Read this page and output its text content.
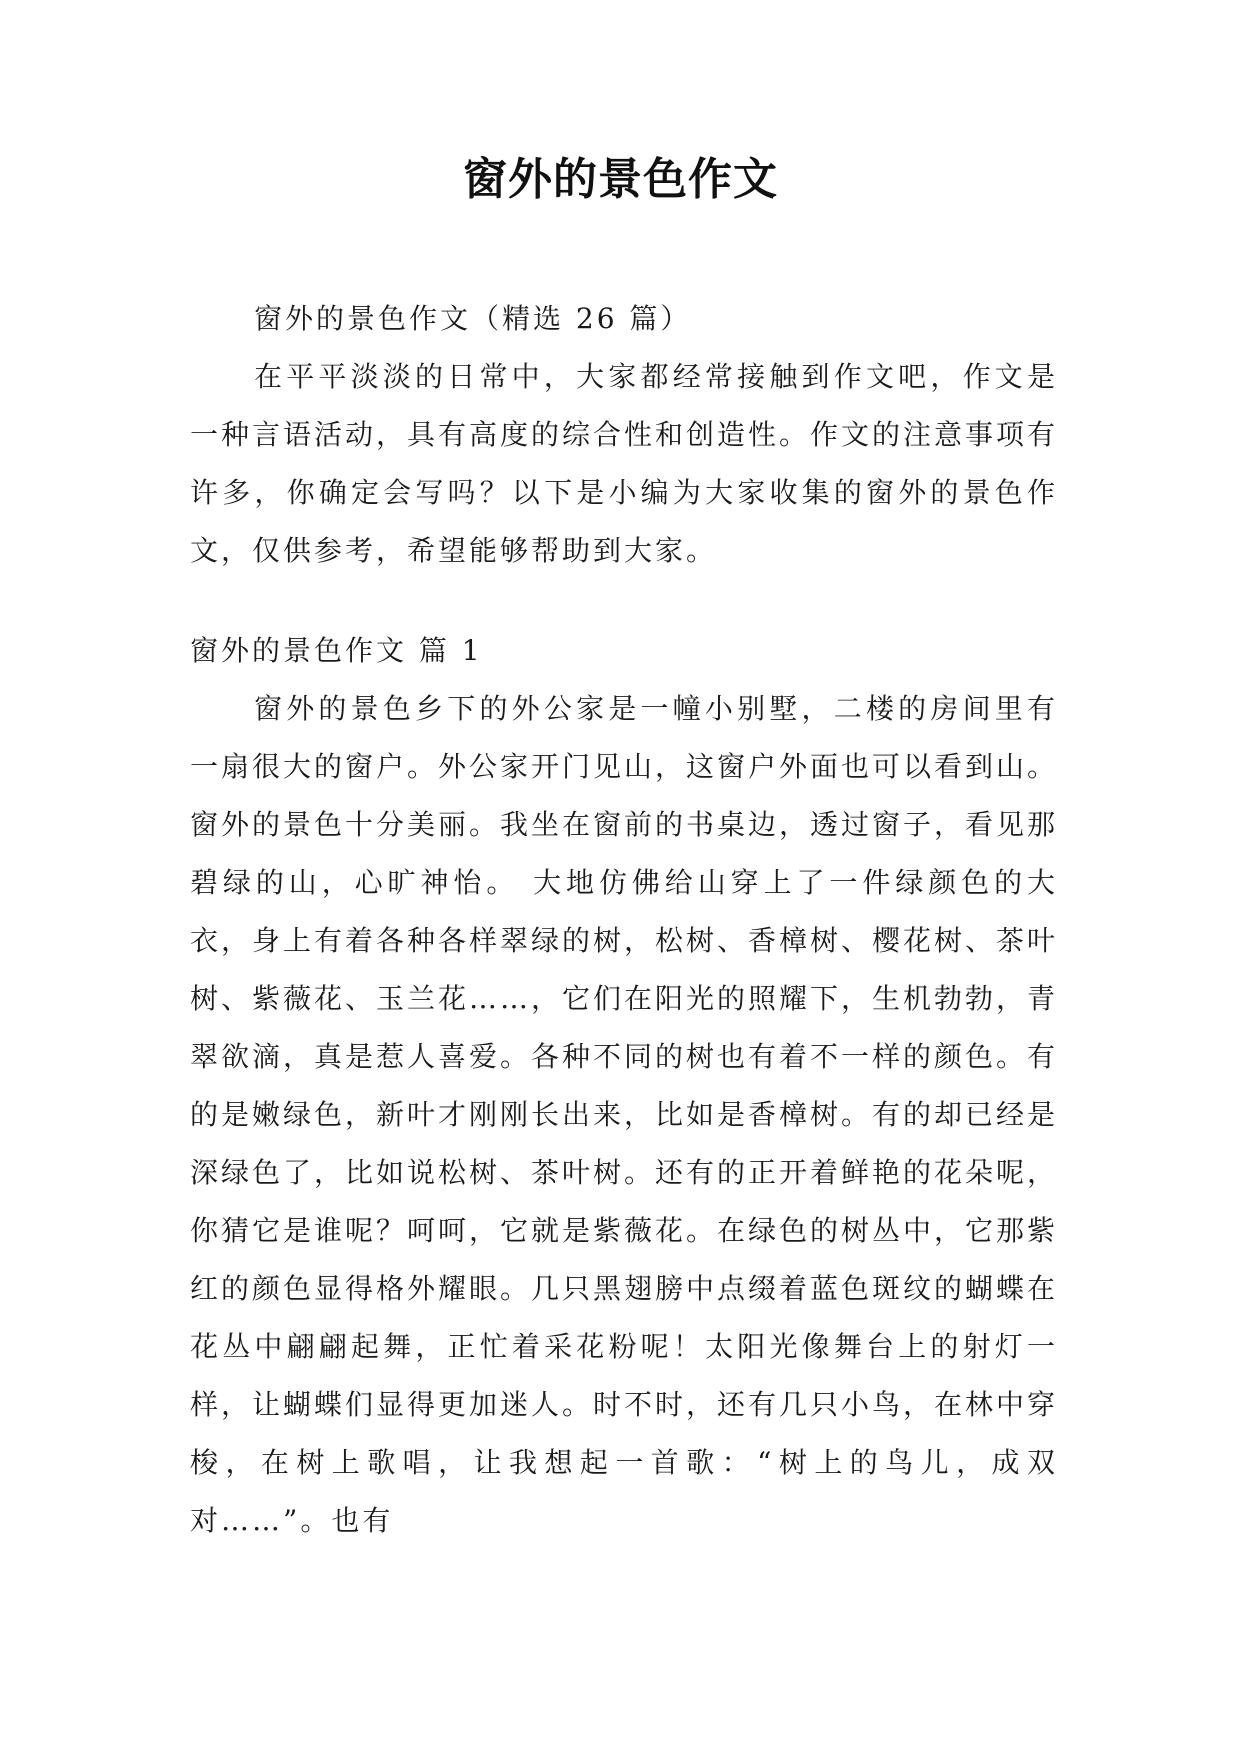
窗外的景色作文

窗外的景色作文（精选 26 篇）

在平平淡淡的日常中，大家都经常接触到作文吧，作文是一种言语活动，具有高度的综合性和创造性。作文的注意事项有许多，你确定会写吗？以下是小编为大家收集的窗外的景色作文，仅供参考，希望能够帮助到大家。

窗外的景色作文 篇 1

窗外的景色乡下的外公家是一幢小别墅，二楼的房间里有一扇很大的窗户。外公家开门见山，这窗户外面也可以看到山。窗外的景色十分美丽。我坐在窗前的书桌边，透过窗子，看见那碧绿的山，心旷神怡。 大地仿佛给山穿上了一件绿颜色的大衣，身上有着各种各样翠绿的树，松树、香樟树、樱花树、茶叶树、紫薇花、玉兰花……，它们在阳光的照耀下，生机勃勃，青翠欲滴，真是惹人喜爱。各种不同的树也有着不一样的颜色。有的是嫩绿色，新叶才刚刚长出来，比如是香樟树。有的却已经是深绿色了，比如说松树、茶叶树。还有的正开着鲜艳的花朵呢，你猜它是谁呢？呵呵，它就是紫薇花。在绿色的树丛中，它那紫红的颜色显得格外耀眼。几只黑翅膀中点缀着蓝色斑纹的蝴蝶在花丛中翩翩起舞，正忙着采花粉呢！太阳光像舞台上的射灯一样，让蝴蝶们显得更加迷人。时不时，还有几只小鸟，在林中穿梭，在树上歌唱，让我想起一首歌：“树上的鸟儿，成双对……”。也有
